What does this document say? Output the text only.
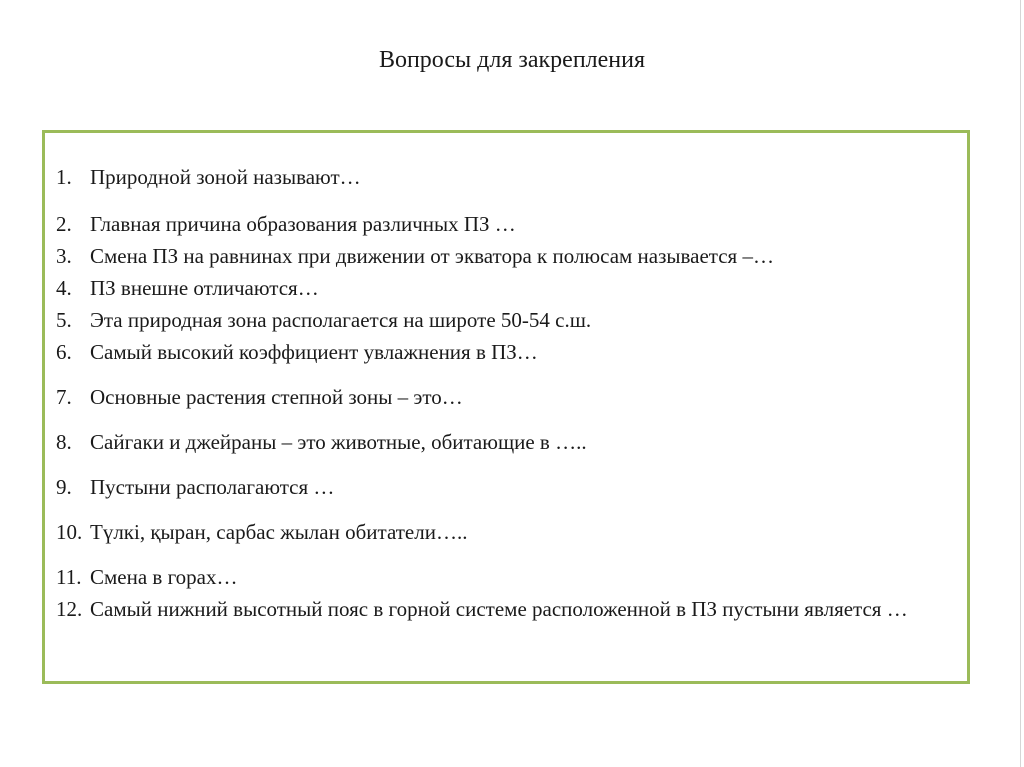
Вопросы для закрепления
1. Природной зоной называют…
2. Главная причина образования различных ПЗ …
3. Смена ПЗ на равнинах при движении от экватора к полюсам называется –…
4. ПЗ внешне отличаются…
5. Эта природная зона располагается на широте 50-54 с.ш.
6. Самый высокий коэффициент увлажнения в ПЗ…
7. Основные растения степной зоны – это…
8. Сайгаки и джейраны – это животные, обитающие в …..
9. Пустыни располагаются …
10. Түлкі, қыран, сарбас жылан обитатели…..
11. Смена в горах…
12. Самый нижний высотный пояс в горной системе расположенной в ПЗ пустыни является …
